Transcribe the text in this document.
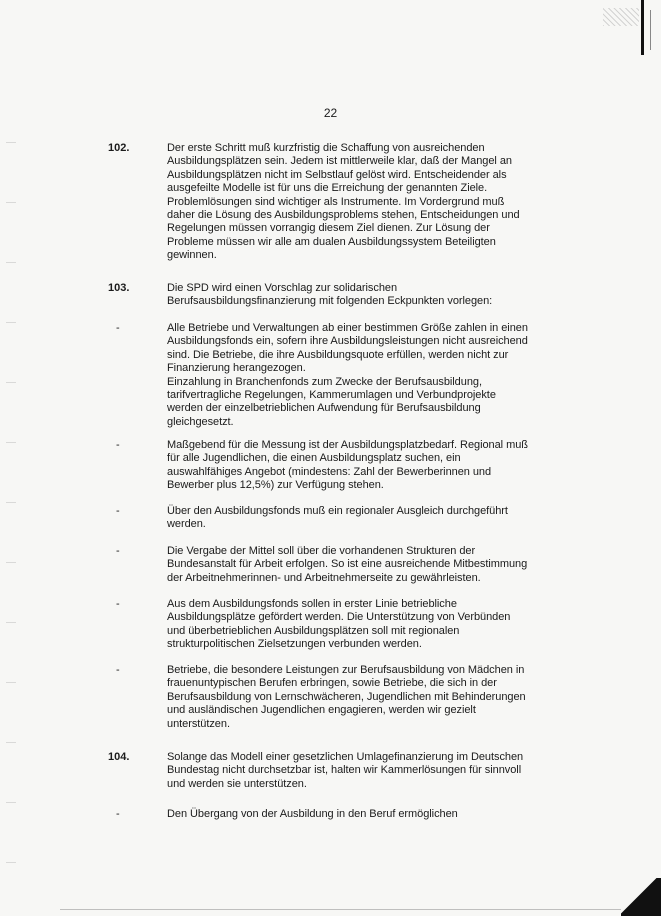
22
102.	Der erste Schritt muß kurzfristig die Schaffung von ausreichenden
Ausbildungsplätzen sein. Jedem ist mittlerweile klar, daß der Mangel an
Ausbildungsplätzen nicht im Selbstlauf gelöst wird. Entscheidender als
ausgefeilte Modelle ist für uns die Erreichung der genannten Ziele.
Problemlösungen sind wichtiger als Instrumente. Im Vordergrund muß
daher die Lösung des Ausbildungsproblems stehen, Entscheidungen und
Regelungen müssen vorrangig diesem Ziel dienen. Zur Lösung der
Probleme müssen wir alle am dualen Ausbildungssystem Beteiligten
gewinnen.
103.	Die SPD wird einen Vorschlag zur solidarischen
Berufsausbildungsfinanzierung mit folgenden Eckpunkten vorlegen:
-	Alle Betriebe und Verwaltungen ab einer bestimmen Größe zahlen in einen
Ausbildungsfonds ein, sofern ihre Ausbildungsleistungen nicht ausreichend
sind. Die Betriebe, die ihre Ausbildungsquote erfüllen, werden nicht zur
Finanzierung herangezogen.
Einzahlung in Branchenfonds zum Zwecke der Berufsausbildung,
tarifvertragliche Regelungen, Kammerumlagen und Verbundprojekte
werden der einzelbetrieblichen Aufwendung für Berufsausbildung
gleichgesetzt.
-	Maßgebend für die Messung ist der Ausbildungsplatzbedarf. Regional muß
für alle Jugendlichen, die einen Ausbildungsplatz suchen, ein
auswahlfähiges Angebot (mindestens: Zahl der Bewerberinnen und
Bewerber plus 12,5%) zur Verfügung stehen.
-	Über den Ausbildungsfonds muß ein regionaler Ausgleich durchgeführt
werden.
-	Die Vergabe der Mittel soll über die vorhandenen Strukturen der
Bundesanstalt für Arbeit erfolgen. So ist eine ausreichende Mitbestimmung
der Arbeitnehmerinnen- und Arbeitnehmerseite zu gewährleisten.
-	Aus dem Ausbildungsfonds sollen in erster Linie betriebliche
Ausbildungsplätze gefördert werden. Die Unterstützung von Verbünden
und überbetrieblichen Ausbildungsplätzen soll mit regionalen
strukturpolitischen Zielsetzungen verbunden werden.
-	Betriebe, die besondere Leistungen zur Berufsausbildung von Mädchen in
frauenuntypischen Berufen erbringen, sowie Betriebe, die sich in der
Berufsausbildung von Lernschwächeren, Jugendlichen mit Behinderungen
und ausländischen Jugendlichen engagieren, werden wir gezielt
unterstützen.
104.	Solange das Modell einer gesetzlichen Umlagefinanzierung im Deutschen
Bundestag nicht durchsetzbar ist, halten wir Kammerlösungen für sinnvoll
und werden sie unterstützen.
-	Den Übergang von der Ausbildung in den Beruf ermöglichen
